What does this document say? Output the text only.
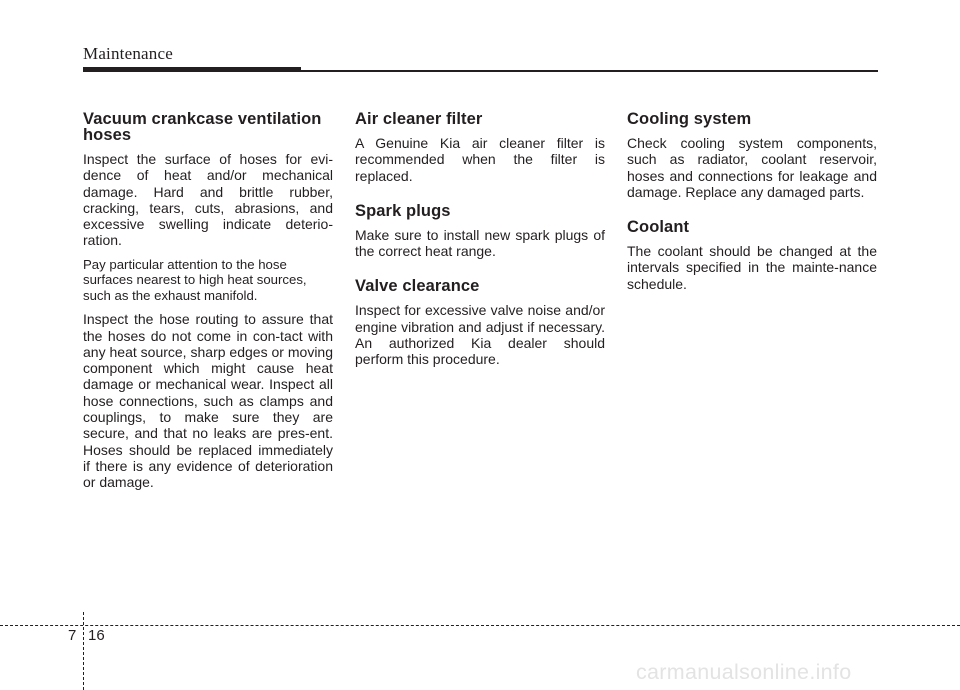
Maintenance
Vacuum crankcase ventilation hoses

Inspect the surface of hoses for evi-dence of heat and/or mechanical damage. Hard and brittle rubber, cracking, tears, cuts, abrasions, and excessive swelling indicate deterio-ration.

Pay particular attention to the hose surfaces nearest to high heat sources, such as the exhaust manifold.

Inspect the hose routing to assure that the hoses do not come in con-tact with any heat source, sharp edges or moving component which might cause heat damage or mechanical wear. Inspect all hose connections, such as clamps and couplings, to make sure they are secure, and that no leaks are pres-ent. Hoses should be replaced immediately if there is any evidence of deterioration or damage.

Air cleaner filter

A Genuine Kia air cleaner filter is recommended when the filter is replaced.

Spark plugs

Make sure to install new spark plugs of the correct heat range.

Valve clearance

Inspect for excessive valve noise and/or engine vibration and adjust if necessary. An authorized Kia dealer should perform this procedure.

Cooling system

Check cooling system components, such as radiator, coolant reservoir, hoses and connections for leakage and damage. Replace any damaged parts.

Coolant

The coolant should be changed at the intervals specified in the mainte-nance schedule.

7 16
carmanualsonline.info
